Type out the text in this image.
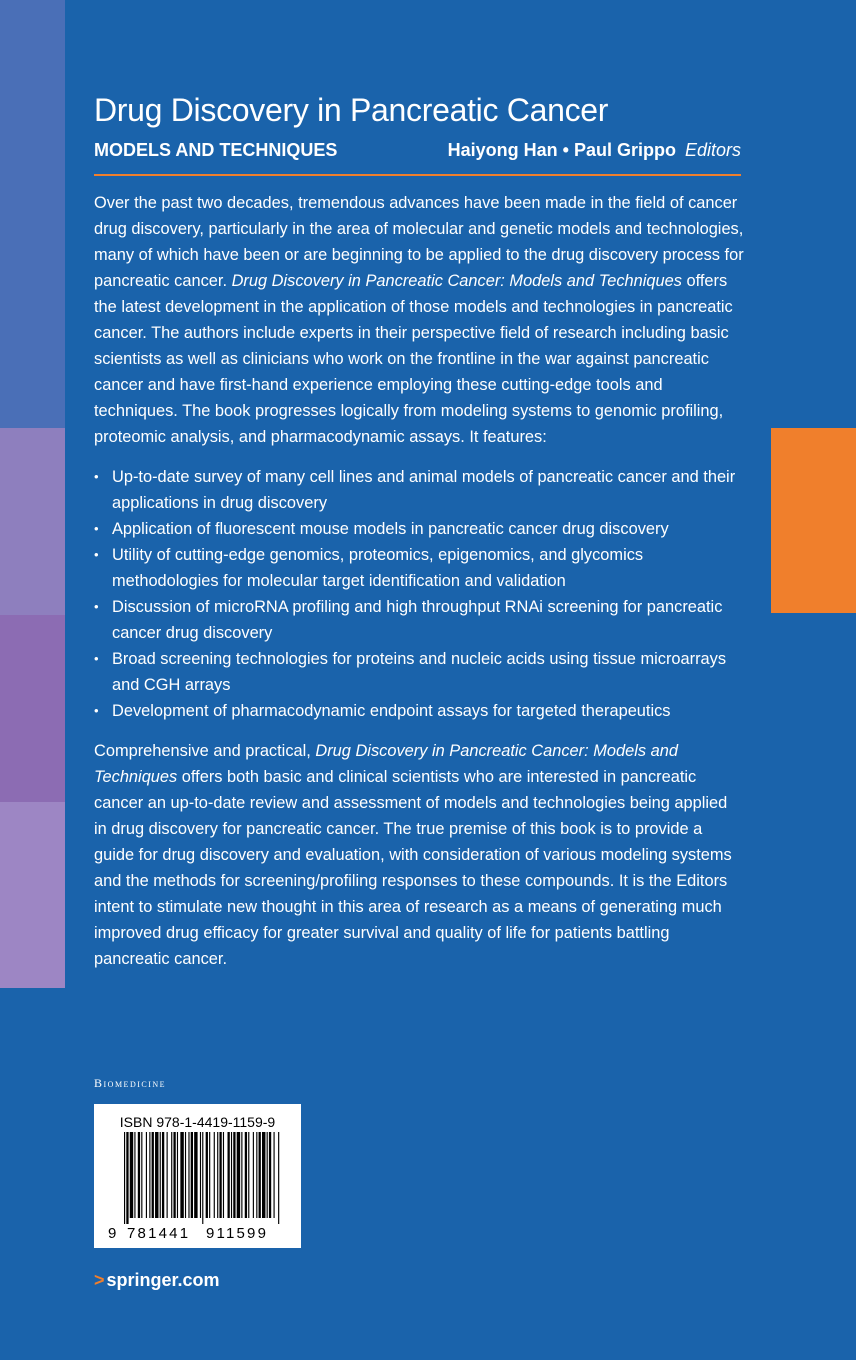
Drug Discovery in Pancreatic Cancer
MODELS AND TECHNIQUES	Haiyong Han • Paul Grippo Editors

Over the past two decades, tremendous advances have been made in the field of cancer drug discovery, particularly in the area of molecular and genetic models and technologies, many of which have been or are beginning to be applied to the drug discovery process for pancreatic cancer. Drug Discovery in Pancreatic Cancer: Models and Techniques offers the latest development in the application of those models and technologies in pancreatic cancer. The authors include experts in their perspective field of research including basic scientists as well as clinicians who work on the frontline in the war against pancreatic cancer and have first-hand experience employing these cutting-edge tools and techniques. The book progresses logically from modeling systems to genomic profiling, proteomic analysis, and pharmacodynamic assays. It features:

• Up-to-date survey of many cell lines and animal models of pancreatic cancer and their applications in drug discovery
• Application of fluorescent mouse models in pancreatic cancer drug discovery
• Utility of cutting-edge genomics, proteomics, epigenomics, and glycomics methodologies for molecular target identification and validation
• Discussion of microRNA profiling and high throughput RNAi screening for pancreatic cancer drug discovery
• Broad screening technologies for proteins and nucleic acids using tissue microarrays and CGH arrays
• Development of pharmacodynamic endpoint assays for targeted therapeutics

Comprehensive and practical, Drug Discovery in Pancreatic Cancer: Models and Techniques offers both basic and clinical scientists who are interested in pancreatic cancer an up-to-date review and assessment of models and technologies being applied in drug discovery for pancreatic cancer. The true premise of this book is to provide a guide for drug discovery and evaluation, with consideration of various modeling systems and the methods for screening/profiling responses to these compounds. It is the Editors intent to stimulate new thought in this area of research as a means of generating much improved drug efficacy for greater survival and quality of life for patients battling pancreatic cancer.

Biomedicine
ISBN 978-1-4419-1159-9
9 781441 911599
> springer.com
